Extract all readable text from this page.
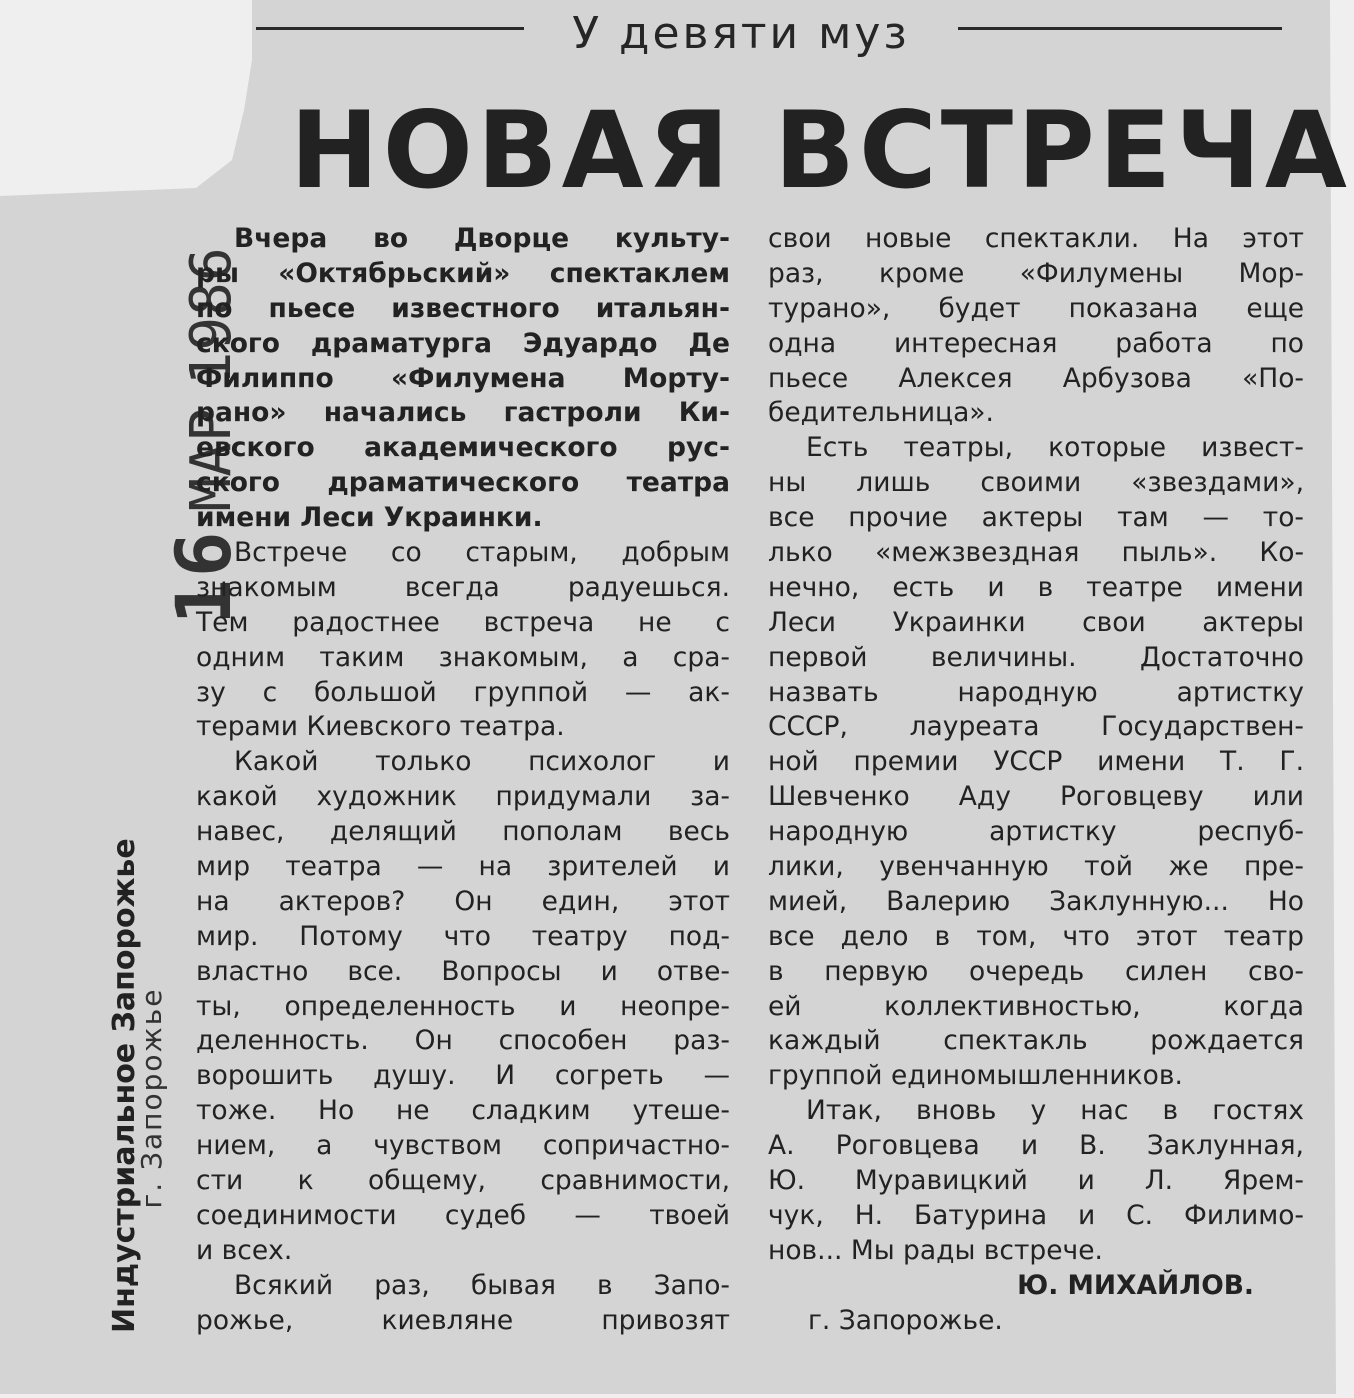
У девяти муз
НОВАЯ ВСТРЕЧА
16МАР1986
Индустриальное Запорожье
г. Запорожье
Вчера во Дворце культу-
ры «Октябрьский» спектаклем
по пьесе известного итальян-
ского драматурга Эдуардо Де
Филиппо «Филумена Морту-
рано» начались гастроли Ки-
евского академического рус-
ского драматического театра
имени Леси Украинки.
Встрече со старым, добрым
знакомым всегда радуешься.
Тем радостнее встреча не с
одним таким знакомым, а сра-
зу с большой группой — ак-
терами Киевского театра.
Какой только психолог и
какой художник придумали за-
навес, делящий пополам весь
мир театра — на зрителей и
на актеров? Он един, этот
мир. Потому что театру под-
властно все. Вопросы и отве-
ты, определенность и неопре-
деленность. Он способен раз-
ворошить душу. И согреть —
тоже. Но не сладким утеше-
нием, а чувством сопричастно-
сти к общему, сравнимости,
соединимости судеб — твоей
и всех.
Всякий раз, бывая в Запо-
рожье, киевляне привозят
свои новые спектакли. На этот
раз, кроме «Филумены Мор-
турано», будет показана еще
одна интересная работа по
пьесе Алексея Арбузова «По-
бедительница».
Есть театры, которые извест-
ны лишь своими «звездами»,
все прочие актеры там — то-
лько «межзвездная пыль». Ко-
нечно, есть и в театре имени
Леси Украинки свои актеры
первой величины. Достаточно
назвать народную артистку
СССР, лауреата Государствен-
ной премии УССР имени Т. Г.
Шевченко Аду Роговцеву или
народную артистку респуб-
лики, увенчанную той же пре-
мией, Валерию Заклунную... Но
все дело в том, что этот театр
в первую очередь силен сво-
ей коллективностью, когда
каждый спектакль рождается
группой единомышленников.
Итак, вновь у нас в гостях
А. Роговцева и В. Заклунная,
Ю. Муравицкий и Л. Ярем-
чук, Н. Батурина и С. Филимо-
нов... Мы рады встрече.
Ю. МИХАЙЛОВ.
г. Запорожье.
